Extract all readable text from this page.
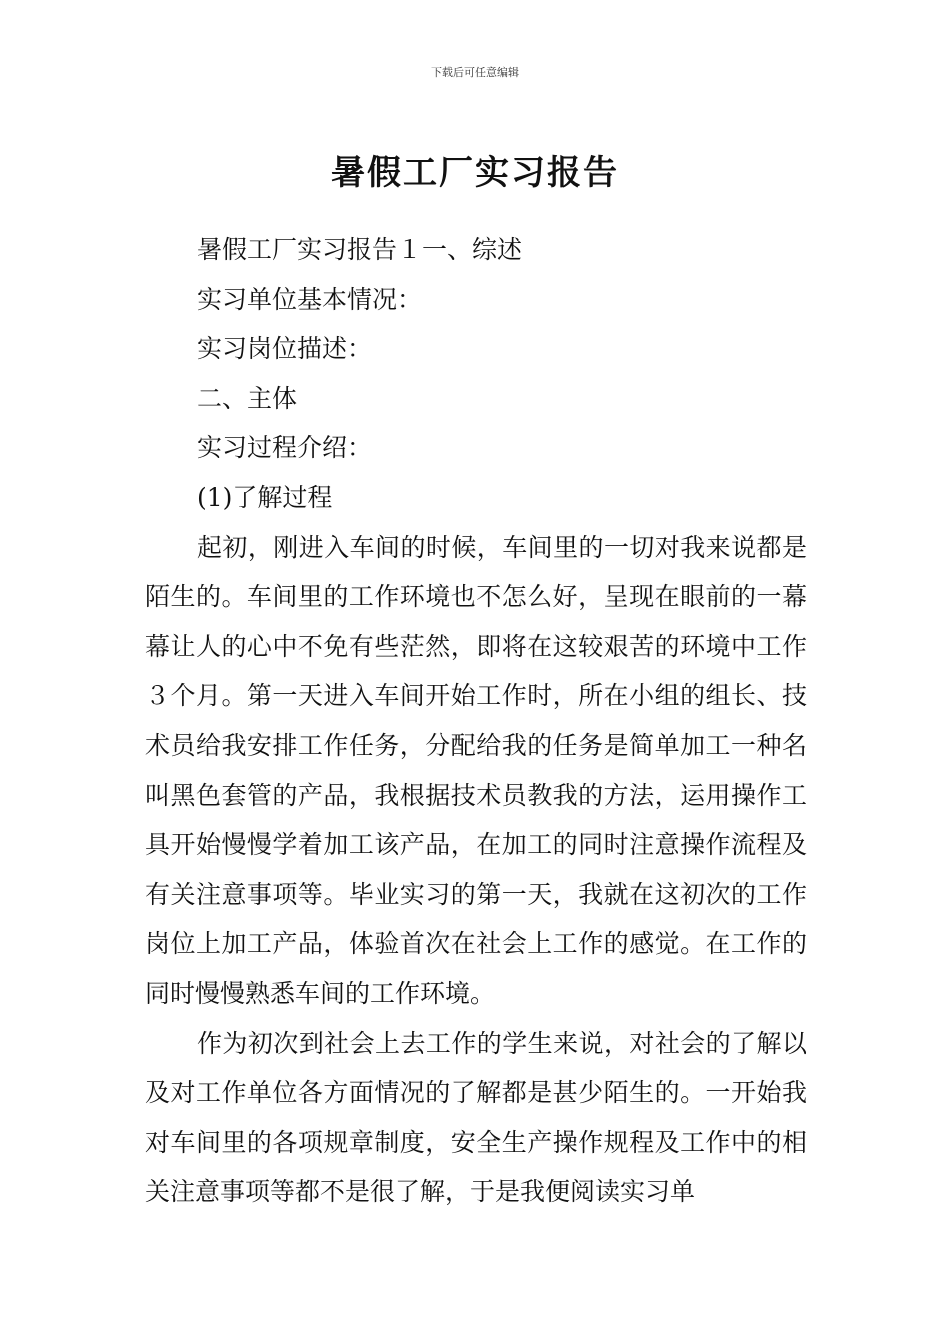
下载后可任意编辑
暑假工厂实习报告

暑假工厂实习报告１一、综述

实习单位基本情况：

实习岗位描述：

二、主体

实习过程介绍：

(1)了解过程

起初，刚进入车间的时候，车间里的一切对我来说都是陌生的。车间里的工作环境也不怎么好，呈现在眼前的一幕幕让人的心中不免有些茫然，即将在这较艰苦的环境中工作３个月。第一天进入车间开始工作时，所在小组的组长、技术员给我安排工作任务，分配给我的任务是简单加工一种名叫黑色套管的产品，我根据技术员教我的方法，运用操作工具开始慢慢学着加工该产品，在加工的同时注意操作流程及有关注意事项等。毕业实习的第一天，我就在这初次的工作岗位上加工产品，体验首次在社会上工作的感觉。在工作的同时慢慢熟悉车间的工作环境。

作为初次到社会上去工作的学生来说，对社会的了解以及对工作单位各方面情况的了解都是甚少陌生的。一开始我对车间里的各项规章制度，安全生产操作规程及工作中的相关注意事项等都不是很了解，于是我便阅读实习单
